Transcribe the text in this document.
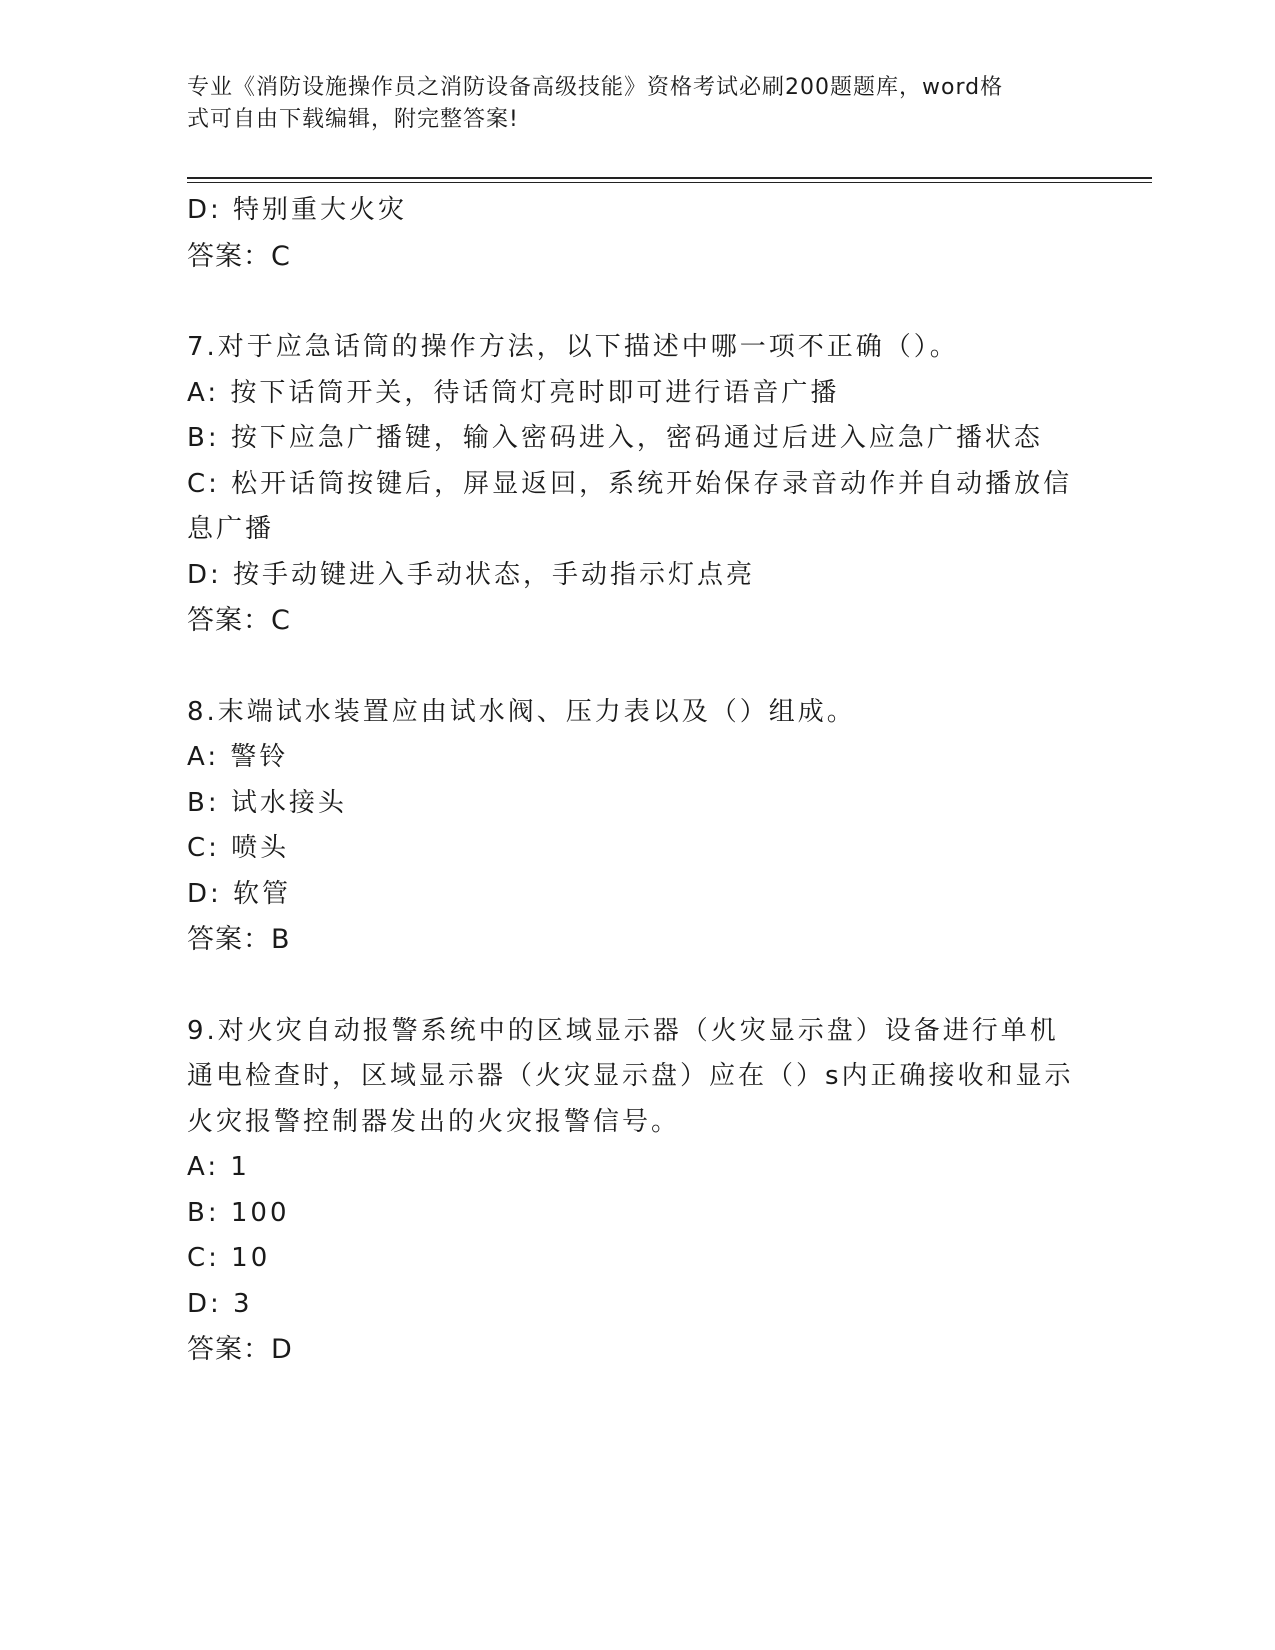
专业《消防设施操作员之消防设备高级技能》资格考试必刷200题题库，word格
式可自由下载编辑，附完整答案!
D: 特别重大火灾
答案：C
7.对于应急话筒的操作方法，以下描述中哪一项不正确（）。
A: 按下话筒开关，待话筒灯亮时即可进行语音广播
B: 按下应急广播键，输入密码进入，密码通过后进入应急广播状态
C: 松开话筒按键后，屏显返回，系统开始保存录音动作并自动播放信
息广播
D: 按手动键进入手动状态，手动指示灯点亮
答案：C
8.末端试水装置应由试水阀、压力表以及（）组成。
A: 警铃
B: 试水接头
C: 喷头
D: 软管
答案：B
9.对火灾自动报警系统中的区域显示器（火灾显示盘）设备进行单机
通电检查时，区域显示器（火灾显示盘）应在（）s内正确接收和显示
火灾报警控制器发出的火灾报警信号。
A: 1
B: 100
C: 10
D: 3
答案：D
